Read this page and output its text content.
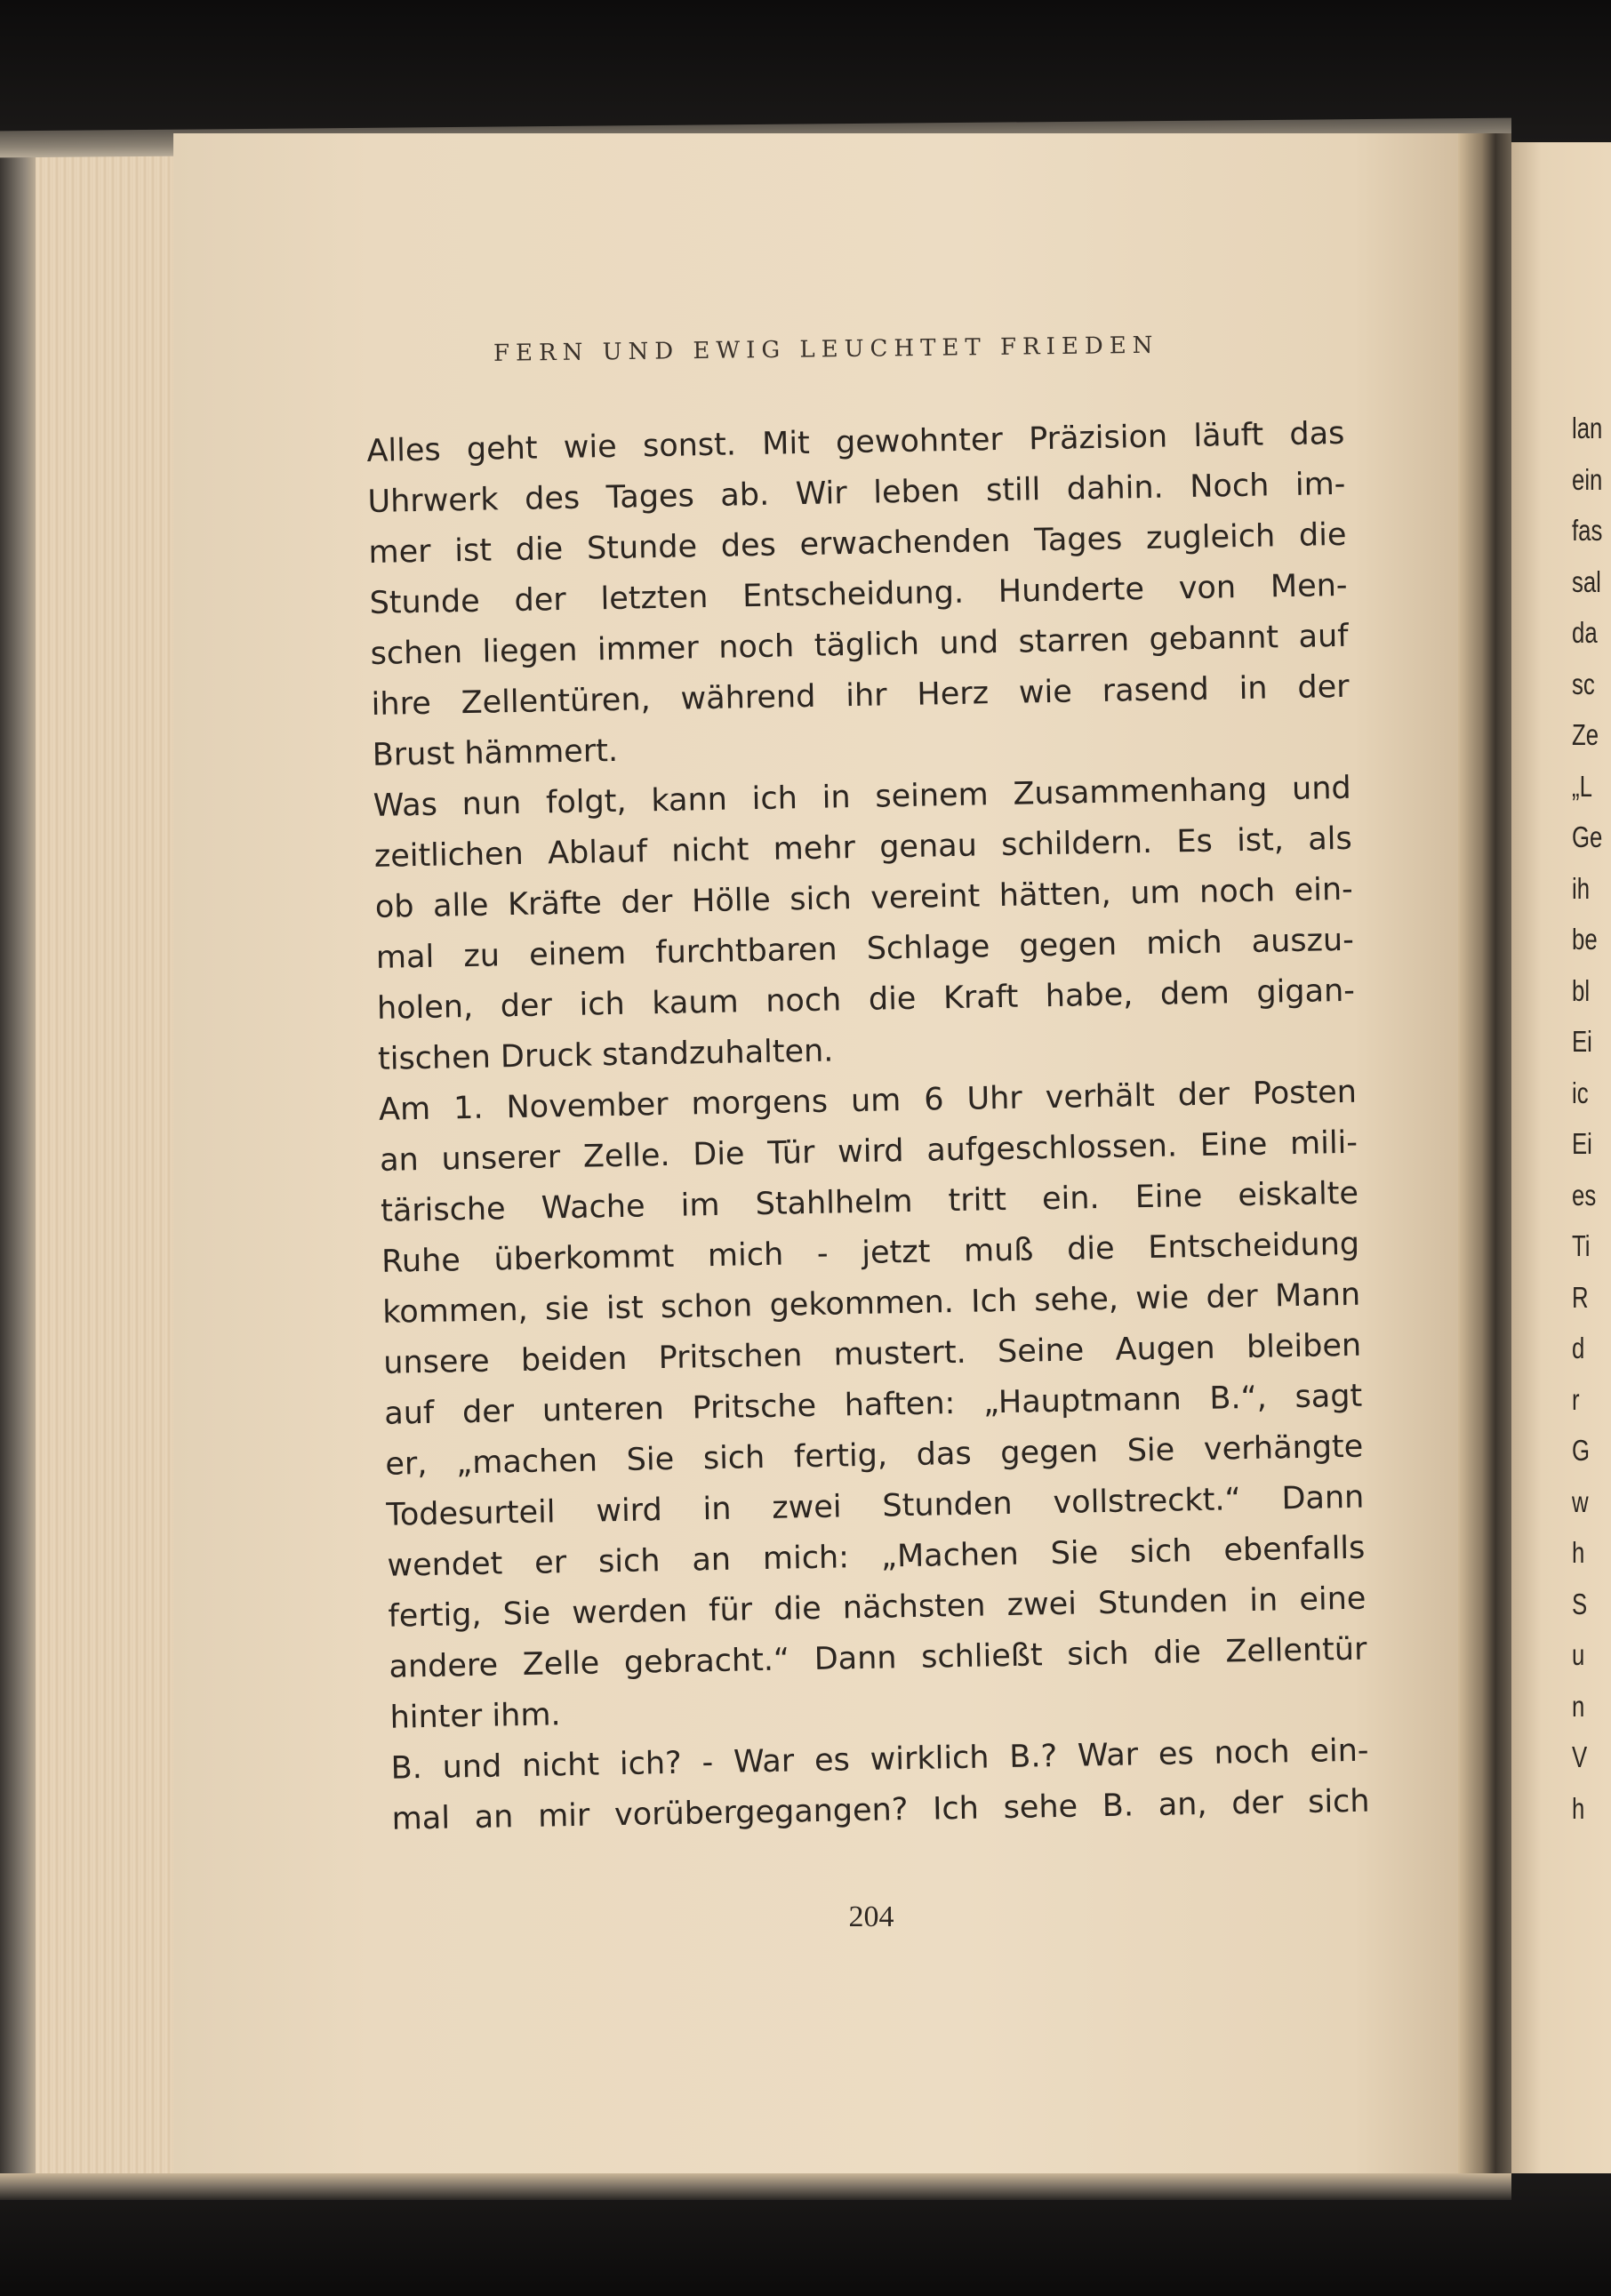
FERN UND EWIG LEUCHTET FRIEDEN
Alles geht wie sonst. Mit gewohnter Präzision läuft das
Uhrwerk des Tages ab. Wir leben still dahin. Noch im-
mer ist die Stunde des erwachenden Tages zugleich die
Stunde der letzten Entscheidung. Hunderte von Men-
schen liegen immer noch täglich und starren gebannt auf
ihre Zellentüren, während ihr Herz wie rasend in der
Brust hämmert.
Was nun folgt, kann ich in seinem Zusammenhang und
zeitlichen Ablauf nicht mehr genau schildern. Es ist, als
ob alle Kräfte der Hölle sich vereint hätten, um noch ein-
mal zu einem furchtbaren Schlage gegen mich auszu-
holen, der ich kaum noch die Kraft habe, dem gigan-
tischen Druck standzuhalten.
Am 1. November morgens um 6 Uhr verhält der Posten
an unserer Zelle. Die Tür wird aufgeschlossen. Eine mili-
tärische Wache im Stahlhelm tritt ein. Eine eiskalte
Ruhe überkommt mich - jetzt muß die Entscheidung
kommen, sie ist schon gekommen. Ich sehe, wie der Mann
unsere beiden Pritschen mustert. Seine Augen bleiben
auf der unteren Pritsche haften: „Hauptmann B.“, sagt
er, „machen Sie sich fertig, das gegen Sie verhängte
Todesurteil wird in zwei Stunden vollstreckt.“ Dann
wendet er sich an mich: „Machen Sie sich ebenfalls
fertig, Sie werden für die nächsten zwei Stunden in eine
andere Zelle gebracht.“ Dann schließt sich die Zellentür
hinter ihm.
B. und nicht ich? - War es wirklich B.? War es noch ein-
mal an mir vorübergegangen? Ich sehe B. an, der sich
204
lan
ein
fas
sal
da
sc
Ze
„L
Ge
ih
be
bl
Ei
ic
Ei
es
Ti
R
d
r
G
w
h
S
u
n
V
h
